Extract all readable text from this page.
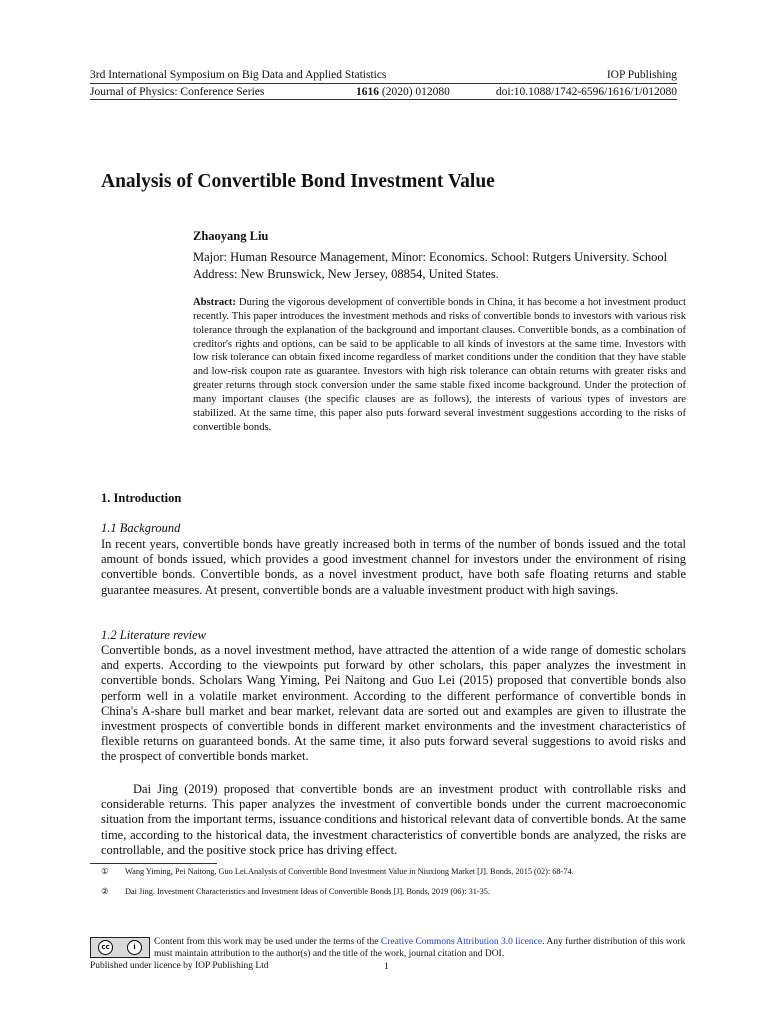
3rd International Symposium on Big Data and Applied Statistics	IOP Publishing
Journal of Physics: Conference Series	1616 (2020) 012080	doi:10.1088/1742-6596/1616/1/012080
Analysis of Convertible Bond Investment Value
Zhaoyang Liu
Major: Human Resource Management, Minor: Economics. School: Rutgers University. School Address: New Brunswick, New Jersey, 08854, United States.
Abstract: During the vigorous development of convertible bonds in China, it has become a hot investment product recently. This paper introduces the investment methods and risks of convertible bonds to investors with various risk tolerance through the explanation of the background and important clauses. Convertible bonds, as a combination of creditor's rights and options, can be said to be applicable to all kinds of investors at the same time. Investors with low risk tolerance can obtain fixed income regardless of market conditions under the condition that they have stable and low-risk coupon rate as guarantee. Investors with high risk tolerance can obtain returns with greater risks and greater returns through stock conversion under the same stable fixed income background. Under the protection of many important clauses (the specific clauses are as follows), the interests of various types of investors are stabilized. At the same time, this paper also puts forward several investment suggestions according to the risks of convertible bonds.
1. Introduction
1.1 Background
In recent years, convertible bonds have greatly increased both in terms of the number of bonds issued and the total amount of bonds issued, which provides a good investment channel for investors under the environment of rising convertible bonds. Convertible bonds, as a novel investment product, have both safe floating returns and stable guarantee measures. At present, convertible bonds are a valuable investment product with high savings.
1.2 Literature review
Convertible bonds, as a novel investment method, have attracted the attention of a wide range of domestic scholars and experts. According to the viewpoints put forward by other scholars, this paper analyzes the investment in convertible bonds. Scholars Wang Yiming, Pei Naitong and Guo Lei (2015) proposed that convertible bonds also perform well in a volatile market environment. According to the different performance of convertible bonds in China's A-share bull market and bear market, relevant data are sorted out and examples are given to illustrate the investment prospects of convertible bonds in different market environments and the investment characteristics of flexible returns on guaranteed bonds. At the same time, it also puts forward several suggestions to avoid risks and the prospect of convertible bonds market.
Dai Jing (2019) proposed that convertible bonds are an investment product with controllable risks and considerable returns. This paper analyzes the investment of convertible bonds under the current macroeconomic situation from the important terms, issuance conditions and historical relevant data of convertible bonds. At the same time, according to the historical data, the investment characteristics of convertible bonds are analyzed, the risks are controllable, and the positive stock price has driving effect.
① Wang Yiming, Pei Naitong, Guo Lei.Analysis of Convertible Bond Investment Value in Niuxiong Market [J]. Bonds, 2015 (02): 68-74.
② Dai Jing. Investment Characteristics and Investment Ideas of Convertible Bonds [J]. Bonds, 2019 (06): 31-35.
cc	i	Content from this work may be used under the terms of the Creative Commons Attribution 3.0 licence. Any further distribution of this work must maintain attribution to the author(s) and the title of the work, journal citation and DOI.
Published under licence by IOP Publishing Ltd	1
